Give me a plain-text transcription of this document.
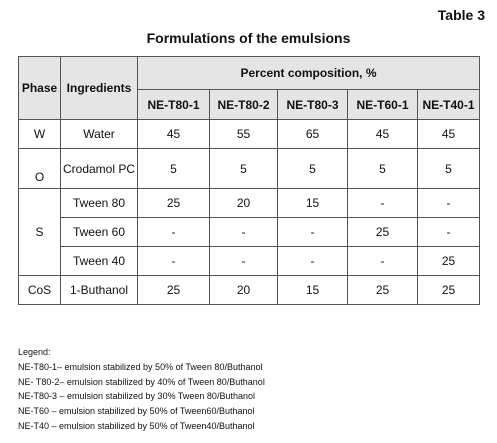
Table 3
Formulations of the emulsions
Phase	Ingredients	Percent composition, %				
		NE-T80-1	NE-T80-2	NE-T80-3	NE-T60-1	NE-T40-1
W	Water	45	55	65	45	45
O	Crodamol PC	5	5	5	5	5
S	Tween 80	25	20	15	-	-
	Tween 60	-	-	-	25	-
	Tween 40	-	-	-	-	25
CoS	1-Buthanol	25	20	15	25	25
Legend:
NE-T80-1– emulsion stabilized by 50% of Tween 80/Buthanol
NE- T80-2– emulsion stabilized by 40% of Tween 80/Buthanol
NE-T80-3 – emulsion stabilized by 30% Tween 80/Buthanol
NE-T60 – emulsion stabilized by 50% of Tween60/Buthanol
NE-T40 – emulsion stabilized by 50% of Tween40/Buthanol
